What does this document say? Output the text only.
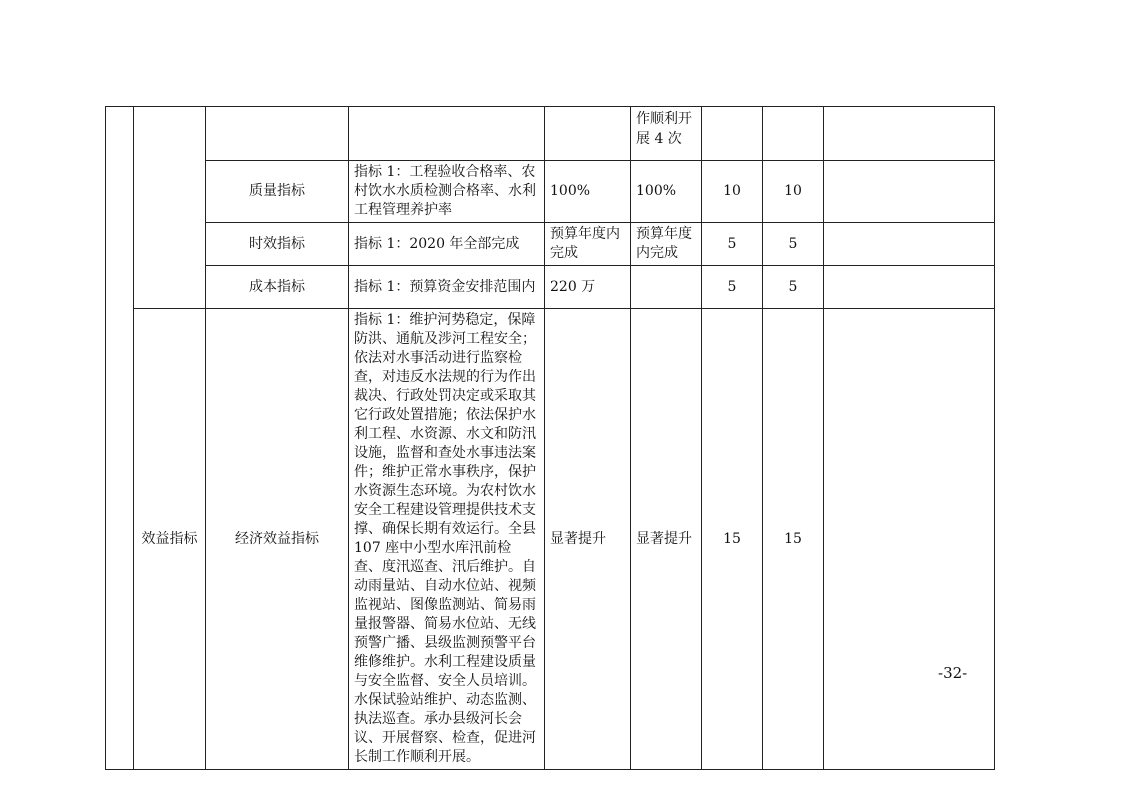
					作顺利开展 4 次			
		质量指标	指标 1：工程验收合格率、农村饮水水质检测合格率、水利工程管理养护率	100%	100%	10	10	
		时效指标	指标 1：2020 年全部完成	预算年度内完成	预算年度内完成	5	5	
		成本指标	指标 1：预算资金安排范围内	220 万		5	5	
	效益指标	经济效益指标	指标 1：维护河势稳定，保障防洪、通航及涉河工程安全；依法对水事活动进行监察检查，对违反水法规的行为作出裁决、行政处罚决定或采取其它行政处置措施；依法保护水利工程、水资源、水文和防汛设施，监督和查处水事违法案件；维护正常水事秩序，保护水资源生态环境。为农村饮水安全工程建设管理提供技术支撑、确保长期有效运行。全县 107 座中小型水库汛前检查、度汛巡查、汛后维护。自动雨量站、自动水位站、视频监视站、图像监测站、简易雨量报警器、简易水位站、无线预警广播、县级监测预警平台维修维护。水利工程建设质量与安全监督、安全人员培训。水保试验站维护、动态监测、执法巡查。承办县级河长会议、开展督察、检查，促进河长制工作顺利开展。	显著提升	显著提升	15	15	
-32-
